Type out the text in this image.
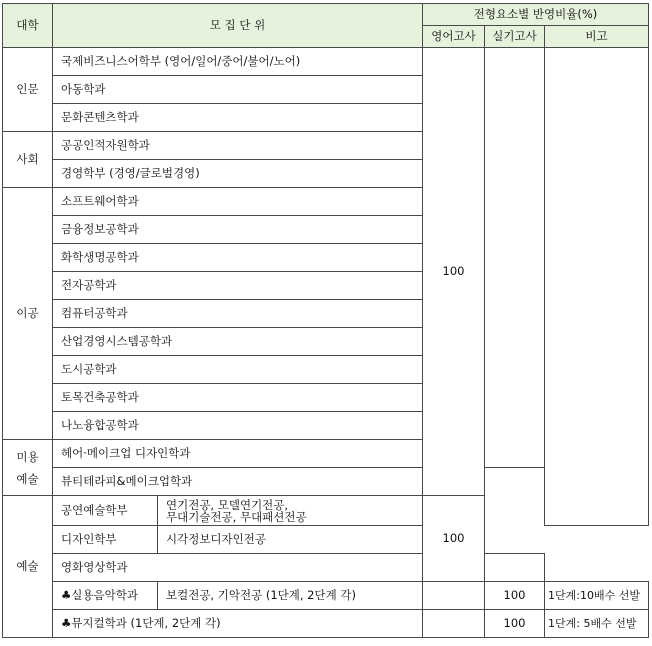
대학	모 집 단 위		전형요소별 반영비율(%)		
			영어고사	실기고사	비고
인문	국제비즈니스어학부 (영어/일어/중어/불어/노어)		100		
	아동학과				
	문화콘텐츠학과				
사회	공공인적자원학과				
	경영학부 (경영/글로벌경영)				
이공	소프트웨어학과				
	금융정보공학과				
	화학생명공학과				
	전자공학과				
	컴퓨터공학과				
	산업경영시스템공학과				
	도시공학과				
	토목건축공학과				
	나노융합공학과				
미용
예술	헤어·메이크업 디자인학과				
	뷰티테라피&메이크업학과				
예술	공연예술학부	연기전공, 모델연기전공,
무대기술전공, 무대패션전공	100		
	디자인학부	시각정보디자인전공			
	영화영상학과				
	♣실용음악학과	보컬전공, 기악전공 (1단계, 2단계 각)		100	1단계:10배수 선발
	♣뮤지컬학과 (1단계, 2단계 각)			100	1단계: 5배수 선발
